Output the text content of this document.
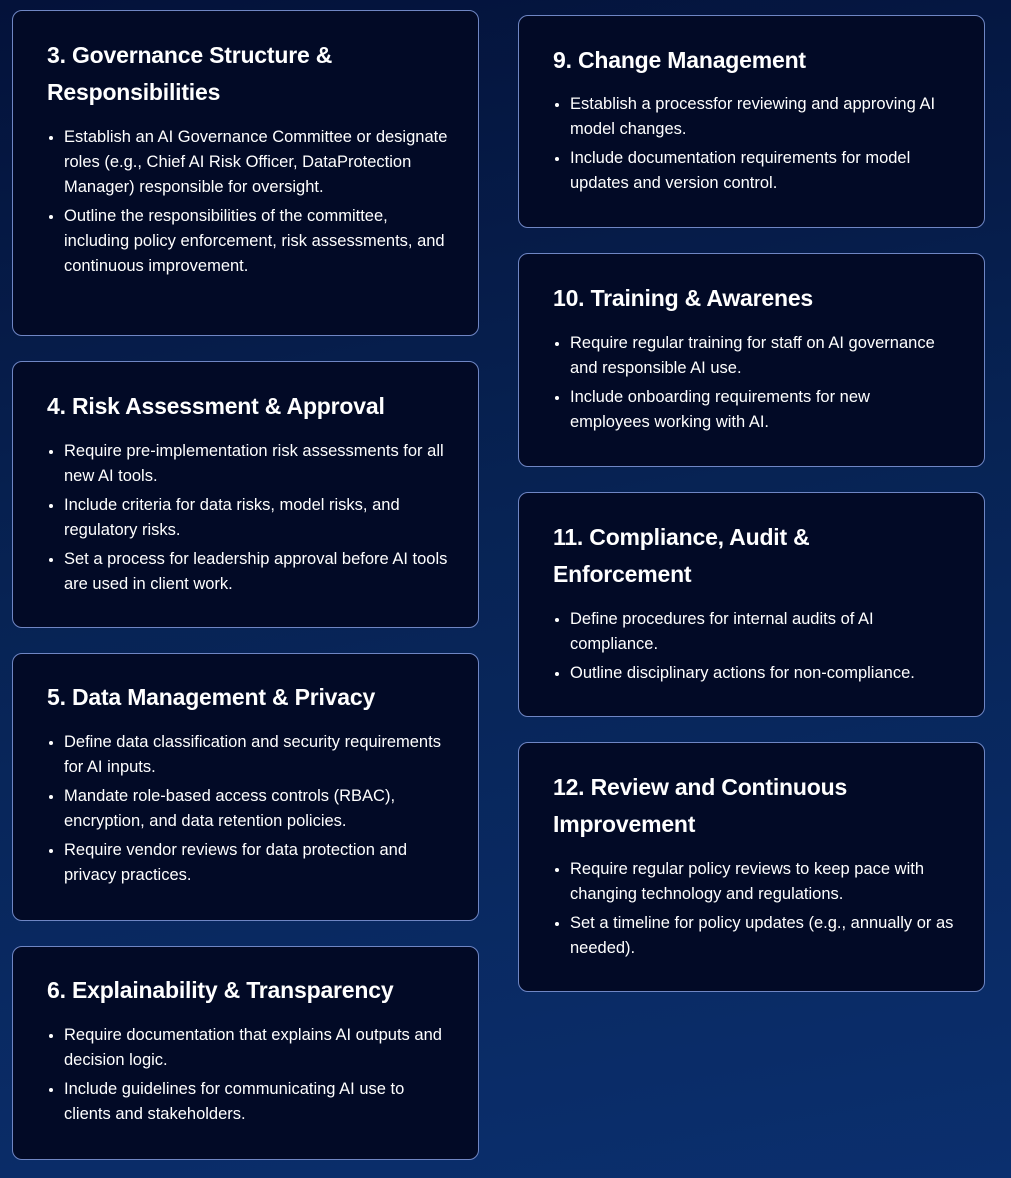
3. Governance Structure & Responsibilities
• Establish an AI Governance Committee or designate roles (e.g., Chief AI Risk Officer, DataProtection Manager) responsible for oversight.
• Outline the responsibilities of the committee, including policy enforcement, risk assessments, and continuous improvement.
4. Risk Assessment & Approval
• Require pre-implementation risk assessments for all new AI tools.
• Include criteria for data risks, model risks, and regulatory risks.
• Set a process for leadership approval before AI tools are used in client work.
5. Data Management & Privacy
• Define data classification and security requirements for AI inputs.
• Mandate role-based access controls (RBAC), encryption, and data retention policies.
• Require vendor reviews for data protection and privacy practices.
6. Explainability & Transparency
• Require documentation that explains AI outputs and decision logic.
• Include guidelines for communicating AI use to clients and stakeholders.
9. Change Management
• Establish a processfor reviewing and approving AI model changes.
• Include documentation requirements for model updates and version control.
10. Training & Awarenes
• Require regular training for staff on AI governance and responsible AI use.
• Include onboarding requirements for new employees working with AI.
11. Compliance, Audit & Enforcement
• Define procedures for internal audits of AI compliance.
• Outline disciplinary actions for non-compliance.
12. Review and Continuous Improvement
• Require regular policy reviews to keep pace with changing technology and regulations.
• Set a timeline for policy updates (e.g., annually or as needed).
